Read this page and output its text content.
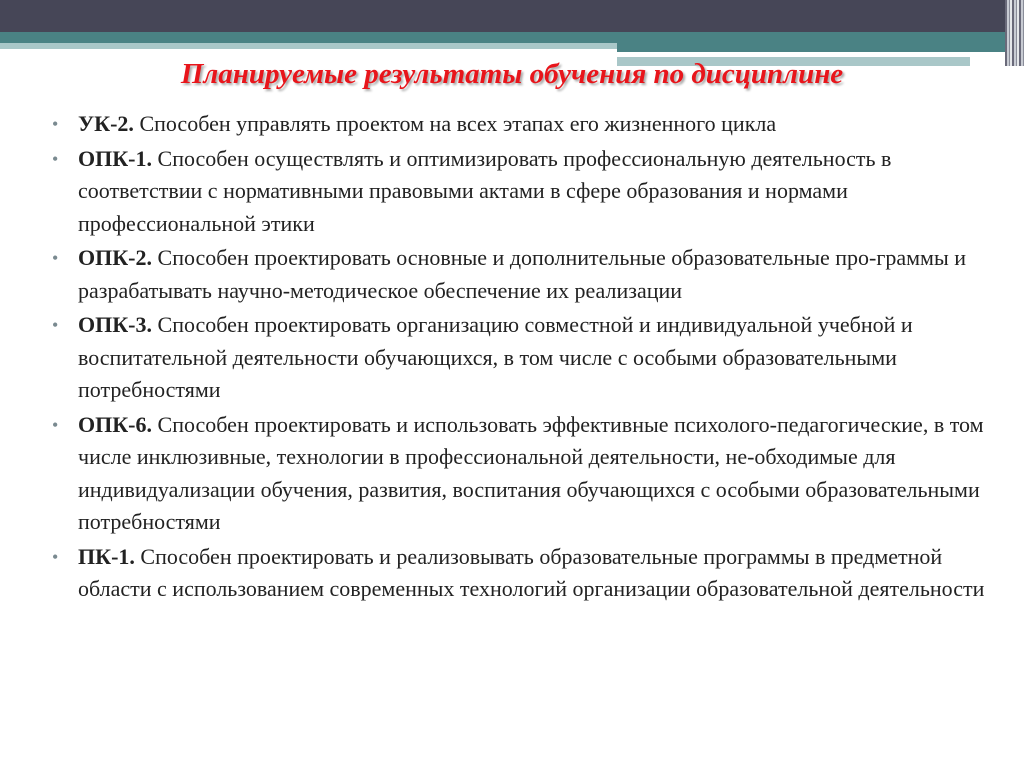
Планируемые результаты обучения по дисциплине
• УК-2. Способен управлять проектом на всех этапах его жизненного цикла
• ОПК-1. Способен осуществлять и оптимизировать профессиональную деятельность в соответствии с нормативными правовыми актами в сфере образования и нормами профессиональной этики
• ОПК-2. Способен проектировать основные и дополнительные образовательные про-граммы и разрабатывать научно-методическое обеспечение их реализации
• ОПК-3. Способен проектировать организацию совместной и индивидуальной учебной и воспитательной деятельности обучающихся, в том числе с особыми образовательными потребностями
• ОПК-6. Способен проектировать и использовать эффективные психолого-педагогические, в том числе инклюзивные, технологии в профессиональной деятельности, не-обходимые для индивидуализации обучения, развития, воспитания обучающихся с особыми образовательными потребностями
• ПК-1. Способен проектировать и реализовывать образовательные программы в предметной области с использованием современных технологий организации образовательной деятельности
